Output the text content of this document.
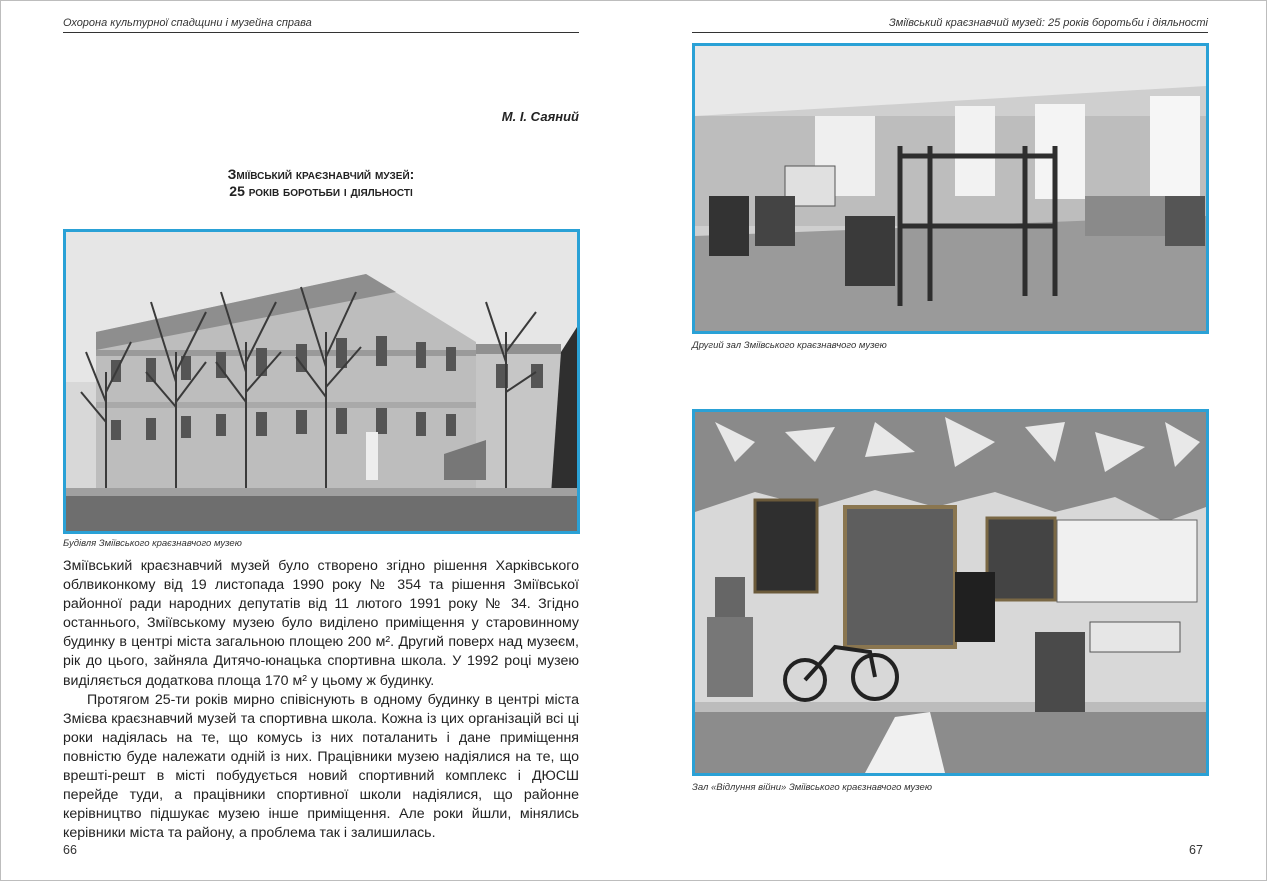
Охорона культурної спадщини і музейна справа
М. І. Саяний
Зміївський краєзнавчий музей:
25 років боротьби і діяльності
Будівля Зміївського краєзнавчого музею

Зміївський краєзнавчий музей було створено згідно рішення Харківського облвиконкому від 19 листопада 1990 року № 354 та рішення Зміївської районної ради народних депутатів від 11 лютого 1991 року № 34. Згідно останнього, Зміївському музею було виділено приміщення у старовинному будинку в центрі міста загальною площею 200 м². Другий поверх над музеєм, рік до цього, зайняла Дитячо-юнацька спортивна школа. У 1992 році музею виділяється додаткова площа 170 м² у цьому ж будинку.

Протягом 25-ти років мирно співіснують в одному будинку в центрі міста Змієва краєзнавчий музей та спортивна школа. Кожна із цих організацій всі ці роки надіялась на те, що комусь із них поталанить і дане приміщення повністю буде належати одній із них. Працівники музею надіялися на те, що врешті-решт в місті побудується новий спортивний комплекс і ДЮСШ перейде туди, а працівники спортивної школи надіялися, що районне керівництво підшукає музею інше приміщення. Але роки йшли, мінялись керівники міста та району, а проблема так і залишилась.

66
Зміївський краєзнавчий музей: 25 років боротьби і діяльності
Другий зал Зміївського краєзнавчого музею
Зал «Відлуння війни» Зміївського краєзнавчого музею
67
